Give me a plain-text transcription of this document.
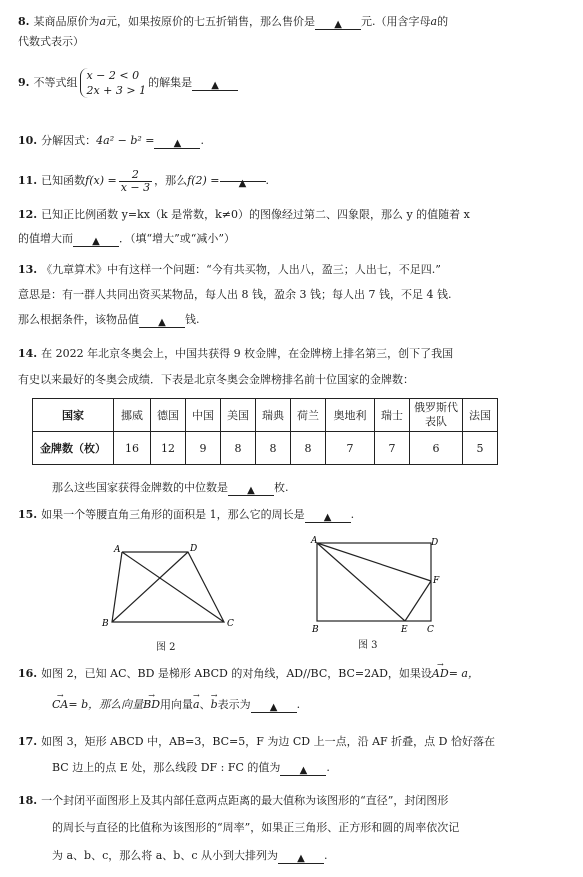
8. 某商品原价为a元，如果按原价的七五折销售，那么售价是 ▲ 元.（用含字母a的
代数式表示）
9. 不等式组
x − 2 < 0
2x + 3 > 1
的解集是 ▲
10. 分解因式：4a² − b² = ▲ .
11. 已知函数$f(x) = \frac{2}{x - 3}$ ，那么f(2) = ▲ .
12. 已知正比例函数 y=kx（k 是常数，k≠0）的图像经过第二、四象限，那么 y 的值随着 x
的值增大而 ▲ ．（填“增大”或“减小”）
13. 《九章算术》中有这样一个问题：“今有共买物，人出八，盈三；人出七，不足四.”
意思是：有一群人共同出资买某物品，每人出 8 钱，盈余 3 钱；每人出 7 钱，不足 4 钱.
那么根据条件，该物品值 ▲ 钱.
14. 在 2022 年北京冬奥会上，中国共获得 9 枚金牌，在金牌榜上排名第三，创下了我国
有史以来最好的冬奥会成绩．下表是北京冬奥会金牌榜排名前十位国家的金牌数：
国家	挪威	德国	中国	美国	瑞典	荷兰	奥地利	瑞士	俄罗斯代表队	法国
金牌数（枚）	16	12	9	8	8	8	7	7	6	5
那么这些国家获得金牌数的中位数是 ▲ 枚.
15. 如果一个等腰直角三角形的面积是 1，那么它的周长是 ▲ .
A	D
B	C
图 2
A	D
F
B	E C
图 3
16. 如图 2，已知 AC、BD 是梯形 ABCD 的对角线，AD//BC，BC=2AD，如果设→ AD= a，
→ CA= b，那么向量→ BD用向量→ a、→ b表示为 ▲ .
17. 如图 3，矩形 ABCD 中，AB=3，BC=5，F 为边 CD 上一点，沿 AF 折叠，点 D 恰好落在
BC 边上的点 E 处，那么线段 DF : FC 的值为 ▲ .
18. 一个封闭平面图形上及其内部任意两点距离的最大值称为该图形的“直径”，封闭图形
的周长与直径的比值称为该图形的“周率”，如果正三角形、正方形和圆的周率依次记
为 a、b、c，那么将 a、b、c 从小到大排列为 ▲ .
